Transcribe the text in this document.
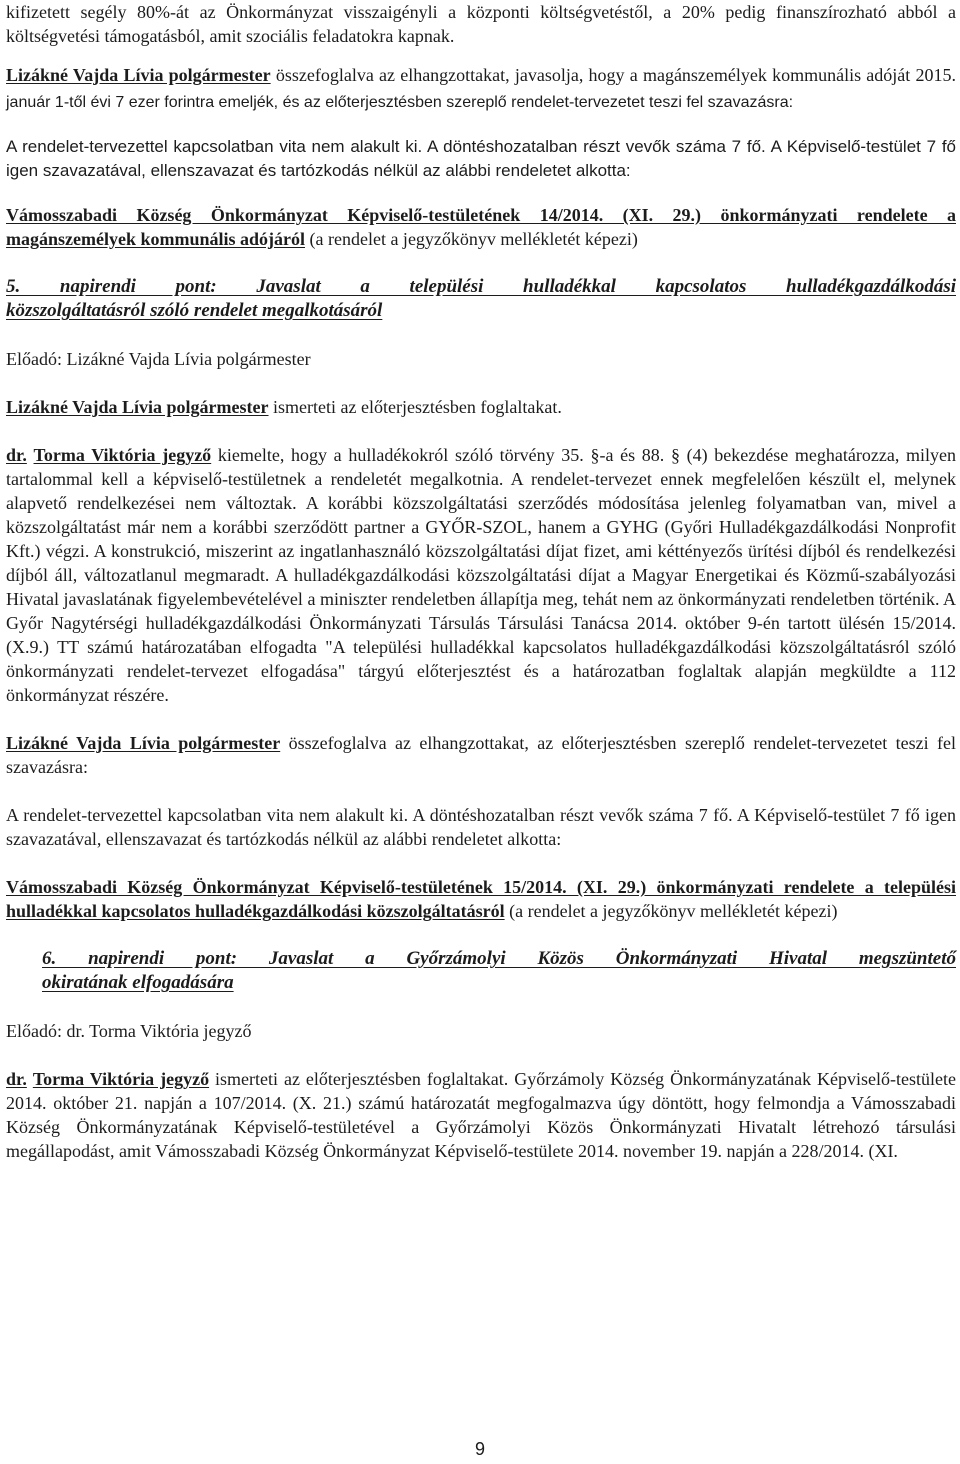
kifizetett segély 80%-át az Önkormányzat visszaigényli a központi költségvetéstől, a 20% pedig finanszírozható abból a költségvetési támogatásból, amit szociális feladatokra kapnak.

Lizákné Vajda Lívia polgármester összefoglalva az elhangzottakat, javasolja, hogy a magánszemélyek kommunális adóját 2015. január 1-től évi 7 ezer forintra emeljék, és az előterjesztésben szereplő rendelet-tervezetet teszi fel szavazásra:

A rendelet-tervezettel kapcsolatban vita nem alakult ki. A döntéshozatalban részt vevők száma 7 fő. A Képviselő-testület 7 fő igen szavazatával, ellenszavazat és tartózkodás nélkül az alábbi rendeletet alkotta:

Vámosszabadi Község Önkormányzat Képviselő-testületének 14/2014. (XI. 29.) önkormányzati rendelete a magánszemélyek kommunális adójáról (a rendelet a jegyzőkönyv mellékletét képezi)

5. napirendi pont: Javaslat a települési hulladékkal kapcsolatos hulladékgazdálkodási
közszolgáltatásról szóló rendelet megalkotásáról

Előadó: Lizákné Vajda Lívia polgármester

Lizákné Vajda Lívia polgármester ismerteti az előterjesztésben foglaltakat.

dr. Torma Viktória jegyző kiemelte, hogy a hulladékokról szóló törvény 35. §-a és 88. § (4) bekezdése meghatározza, milyen tartalommal kell a képviselő-testületnek a rendeletét megalkotnia. A rendelet-tervezet ennek megfelelően készült el, melynek alapvető rendelkezései nem változtak. A korábbi közszolgáltatási szerződés módosítása jelenleg folyamatban van, mivel a közszolgáltatást már nem a korábbi szerződött partner a GYŐR-SZOL, hanem a GYHG (Győri Hulladékgazdálkodási Nonprofit Kft.) végzi. A konstrukció, miszerint az ingatlanhasználó közszolgáltatási díjat fizet, ami kéttényezős ürítési díjból és rendelkezési díjból áll, változatlanul megmaradt. A hulladékgazdálkodási közszolgáltatási díjat a Magyar Energetikai és Közmű-szabályozási Hivatal javaslatának figyelembevételével a miniszter rendeletben állapítja meg, tehát nem az önkormányzati rendeletben történik. A Győr Nagytérségi hulladékgazdálkodási Önkormányzati Társulás Társulási Tanácsa 2014. október 9-én tartott ülésén 15/2014. (X.9.) TT számú határozatában elfogadta "A települési hulladékkal kapcsolatos hulladékgazdálkodási közszolgáltatásról szóló önkormányzati rendelet-tervezet elfogadása" tárgyú előterjesztést és a határozatban foglaltak alapján megküldte a 112 önkormányzat részére.

Lizákné Vajda Lívia polgármester összefoglalva az elhangzottakat, az előterjesztésben szereplő rendelet-tervezetet teszi fel szavazásra:

A rendelet-tervezettel kapcsolatban vita nem alakult ki. A döntéshozatalban részt vevők száma 7 fő. A Képviselő-testület 7 fő igen szavazatával, ellenszavazat és tartózkodás nélkül az alábbi rendeletet alkotta:

Vámosszabadi Község Önkormányzat Képviselő-testületének 15/2014. (XI. 29.) önkormányzati rendelete a települési hulladékkal kapcsolatos hulladékgazdálkodási közszolgáltatásról (a rendelet a jegyzőkönyv mellékletét képezi)

6. napirendi pont: Javaslat a Győrzámolyi Közös Önkormányzati Hivatal megszüntető
okiratának elfogadására

Előadó: dr. Torma Viktória jegyző

dr. Torma Viktória jegyző ismerteti az előterjesztésben foglaltakat. Győrzámoly Község Önkormányzatának Képviselő-testülete 2014. október 21. napján a 107/2014. (X. 21.) számú határozatát megfogalmazva úgy döntött, hogy felmondja a Vámosszabadi Község Önkormányzatának Képviselő-testületével a Győrzámolyi Közös Önkormányzati Hivatalt létrehozó társulási megállapodást, amit Vámosszabadi Község Önkormányzat Képviselő-testülete 2014. november 19. napján a 228/2014. (XI.

9
